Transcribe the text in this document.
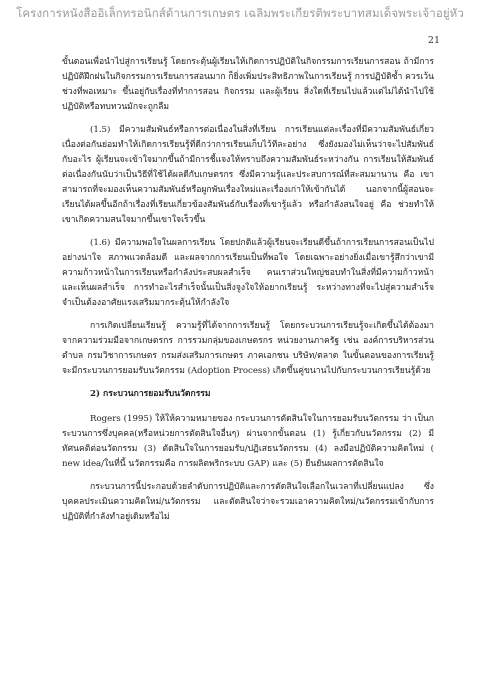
โครงการหนังสืออิเล็กทรอนิกส์ด้านการเกษตร เฉลิมพระเกียรติพระบาทสมเด็จพระเจ้าอยู่หัว
21

ขั้นตอนเพื่อนำไปสู่การเรียนรู้ โดยกระตุ้นผู้เรียนให้เกิดการปฏิบัติในกิจกรรมการเรียนการสอน ถ้ามีการปฏิบัติฝึกฝนในกิจกรรมการเรียนการสอนมาก ก็ยิ่งเพิ่มประสิทธิภาพในการเรียนรู้ การปฏิบัติซ้ำ ควรเว้นช่วงที่พอเหมาะ ขึ้นอยู่กับเรื่องที่ทำการสอน กิจกรรม และผู้เรียน สิ่งใดที่เรียนไปแล้วแต่ไม่ได้นำไปใช้ปฏิบัติหรือทบทวนมักจะถูกลืม

(1.5) มีความสัมพันธ์หรือการต่อเนื่องในสิ่งที่เรียน การเรียนแต่ละเรื่องที่มีความสัมพันธ์เกี่ยวเนื่องต่อกันย่อมทำให้เกิดการเรียนรู้ที่ดีกว่าการเรียนเก็บไว้ทีละอย่าง ซึ่งยังมองไม่เห็นว่าจะไปสัมพันธ์กับอะไร ผู้เรียนจะเข้าใจมากขึ้นถ้ามีการชี้แจงให้ทราบถึงความสัมพันธ์ระหว่างกัน การเรียนให้สัมพันธ์ต่อเนื่องกันนับว่าเป็นวิธีที่ใช้ได้ผลดีกับเกษตรกร ซึ่งมีความรู้และประสบการณ์ที่สะสมมานาน คือ เขาสามารถที่จะมองเห็นความสัมพันธ์หรือผูกพันเรื่องใหม่และเรื่องเก่าให้เข้ากันได้ นอกจากนี้ผู้สอนจะเรียนได้ผลขึ้นอีกถ้าเรื่องที่เรียนเกี่ยวข้องสัมพันธ์กับเรื่องที่เขารู้แล้ว หรือกำลังสนใจอยู่ คือ ช่วยทำให้เขาเกิดความสนใจมากขึ้นเขาใจเร็วขึ้น

(1.6) มีความพอใจในผลการเรียน โดยปกติแล้วผู้เรียนจะเรียนดีขึ้นถ้าการเรียนการสอนเป็นไปอย่างน่าใจ สภาพแวดล้อมดี และผลจากการเรียนเป็นที่พอใจ โดยเฉพาะอย่างยิ่งเมื่อเขารู้สึกว่าเขามีความก้าวหน้าในการเรียนหรือกำลังประสบผลสำเร็จ คนเราส่วนใหญ่ชอบทำในสิ่งที่มีความก้าวหน้าและเห็นผลสำเร็จ การทำอะไรสำเร็จนั้นเป็นสิ่งจูงใจให้อยากเรียนรู้ ระหว่างทางที่จะไปสู่ความสำเร็จ จำเป็นต้องอาศัยแรงเสริมมากระตุ้นให้กำลังใจ

การเกิดเปลี่ยนเรียนรู้ ความรู้ที่ได้จากการเรียนรู้ โดยกระบวนการเรียนรู้จะเกิดขึ้นได้ต้องมาจากความร่วมมือจากเกษตรกร การรวมกลุ่มของเกษตรกร หน่วยงานภาครัฐ เช่น องค์การบริหารส่วนตำบล กรมวิชาการเกษตร กรมส่งเสริมการเกษตร ภาคเอกชน บริษัท/ตลาด ในขั้นตอนของการเรียนรู้ จะมีกระบวนการยอมรับนวัตกรรม (Adoption Process) เกิดขึ้นคู่ขนานไปกับกระบวนการเรียนรู้ด้วย

2) กระบวนการยอมรับนวัตกรรม

Rogers (1995) ให้ให้ความหมายของ กระบวนการตัดสินใจในการยอมรับนวัตกรรม ว่า เป็นกระบวนการซึ่งบุคคล(หรือหน่วยการตัดสินใจอื่นๆ) ผ่านจากขั้นตอน (1) รู้เกี่ยวกับนวัตกรรม (2) มีทัศนคติต่อนวัตกรรม (3) ตัดสินใจในการยอมรับ/ปฏิเสธนวัตกรรม (4) ลงมือปฏิบัติความคิดใหม่ ( new idea/ในที่นี้ นวัตกรรมคือ การผลิตพริกระบบ GAP) และ (5) ยืนยันผลการตัดสินใจ

กระบวนการนี้ประกอบด้วยลำดับการปฏิบัติและการตัดสินใจเลือกในเวลาที่เปลี่ยนแปลง ซึ่งบุคคลประเมินความคิดใหม่/นวัตกรรม และตัดสินใจว่าจะรวมเอาความคิดใหม่/นวัตกรรมเข้ากับการปฏิบัติที่กำลังทำอยู่เดิมหรือไม่
